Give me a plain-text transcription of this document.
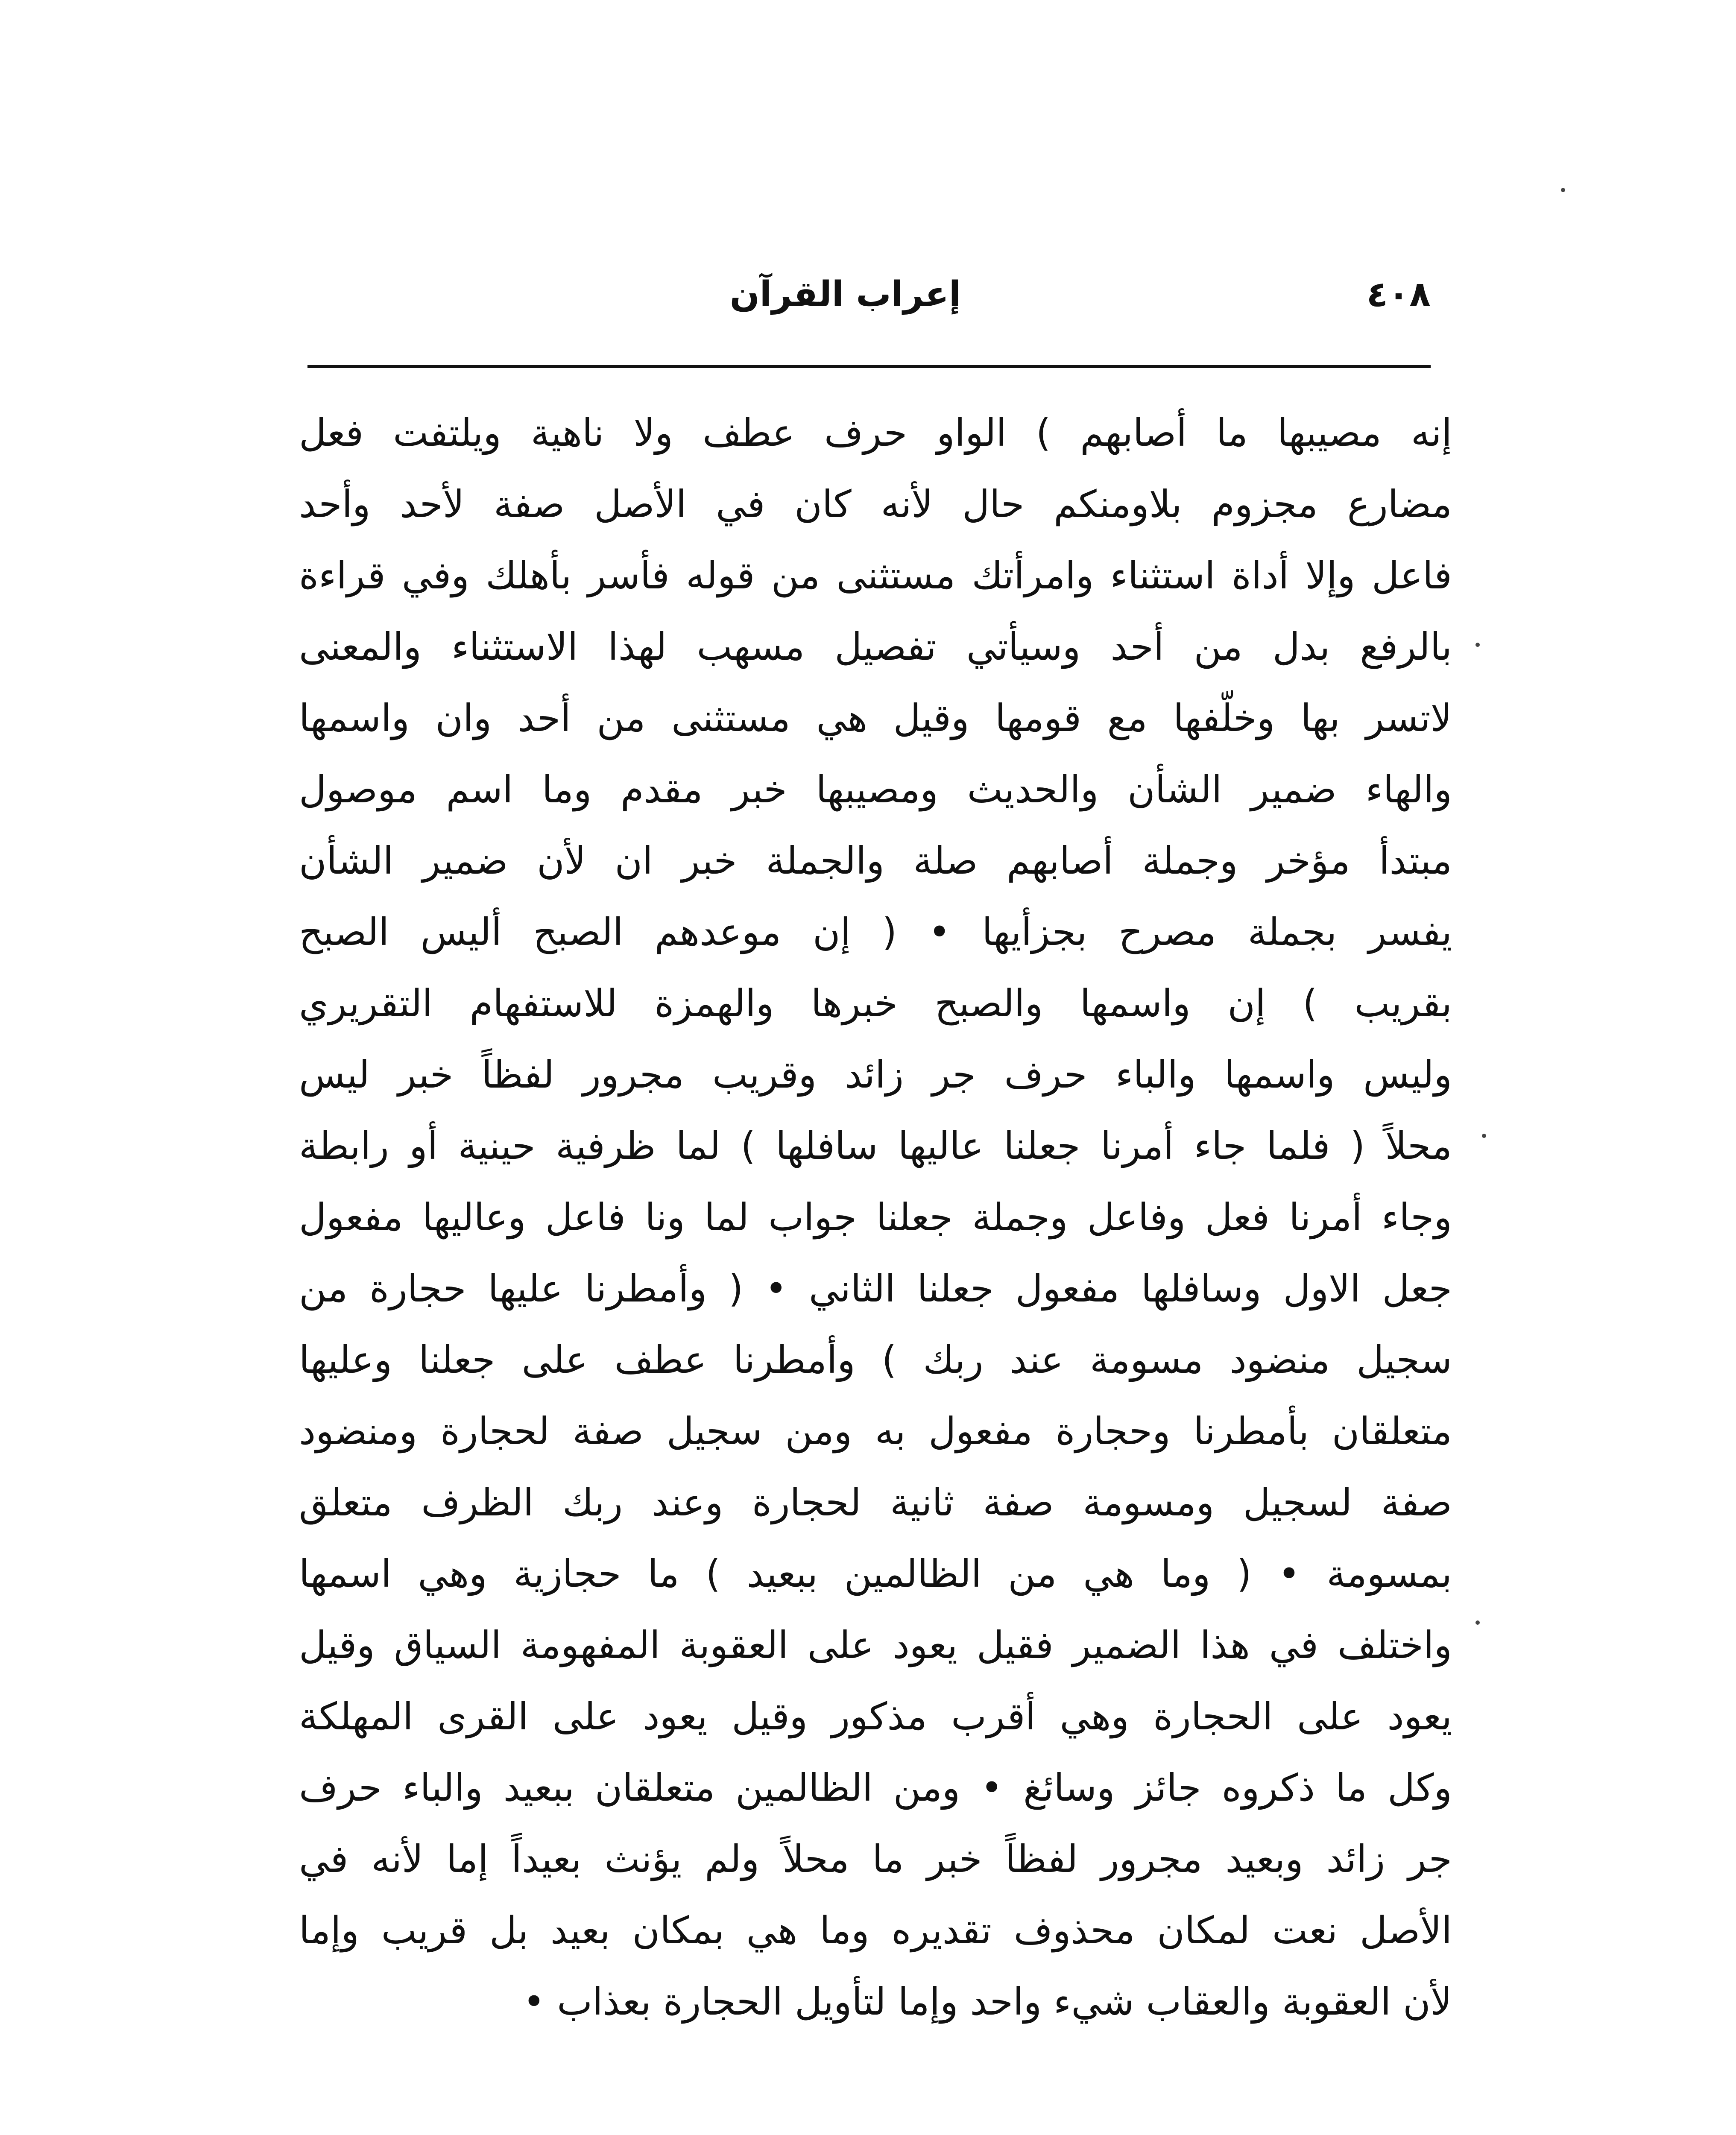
٤٠٨
إعراب القرآن
إنه مصيبها ما أصابهم ) الواو حرف عطف ولا ناهية ويلتفت فعل
مضارع مجزوم بلاومنكم حال لأنه كان في الأصل صفة لأحد وأحد
فاعل وإلا أداة استثناء وامرأتك مستثنى من قوله فأسر بأهلك وفي قراءة
بالرفع بدل من أحد وسيأتي تفصيل مسهب لهذا الاستثناء والمعنى
لاتسر بها وخلّفها مع قومها وقيل هي مستثنى من أحد وان واسمها
والهاء ضمير الشأن والحديث ومصيبها خبر مقدم وما اسم موصول
مبتدأ مؤخر وجملة أصابهم صلة والجملة خبر ان لأن ضمير الشأن
يفسر بجملة مصرح بجزأيها • ( إن موعدهم الصبح أليس الصبح
بقريب ) إن واسمها والصبح خبرها والهمزة للاستفهام التقريري
وليس واسمها والباء حرف جر زائد وقريب مجرور لفظاً خبر ليس
محلاً ( فلما جاء أمرنا جعلنا عاليها سافلها ) لما ظرفية حينية أو رابطة
وجاء أمرنا فعل وفاعل وجملة جعلنا جواب لما ونا فاعل وعاليها مفعول
جعل الاول وسافلها مفعول جعلنا الثاني • ( وأمطرنا عليها حجارة من
سجيل منضود مسومة عند ربك ) وأمطرنا عطف على جعلنا وعليها
متعلقان بأمطرنا وحجارة مفعول به ومن سجيل صفة لحجارة ومنضود
صفة لسجيل ومسومة صفة ثانية لحجارة وعند ربك الظرف متعلق
بمسومة • ( وما هي من الظالمين ببعيد ) ما حجازية وهي اسمها
واختلف في هذا الضمير فقيل يعود على العقوبة المفهومة السياق وقيل
يعود على الحجارة وهي أقرب مذكور وقيل يعود على القرى المهلكة
وكل ما ذكروه جائز وسائغ • ومن الظالمين متعلقان ببعيد والباء حرف
جر زائد وبعيد مجرور لفظاً خبر ما محلاً ولم يؤنث بعيداً إما لأنه في
الأصل نعت لمكان محذوف تقديره وما هي بمكان بعيد بل قريب وإما
لأن العقوبة والعقاب شيء واحد وإما لتأويل الحجارة بعذاب •
